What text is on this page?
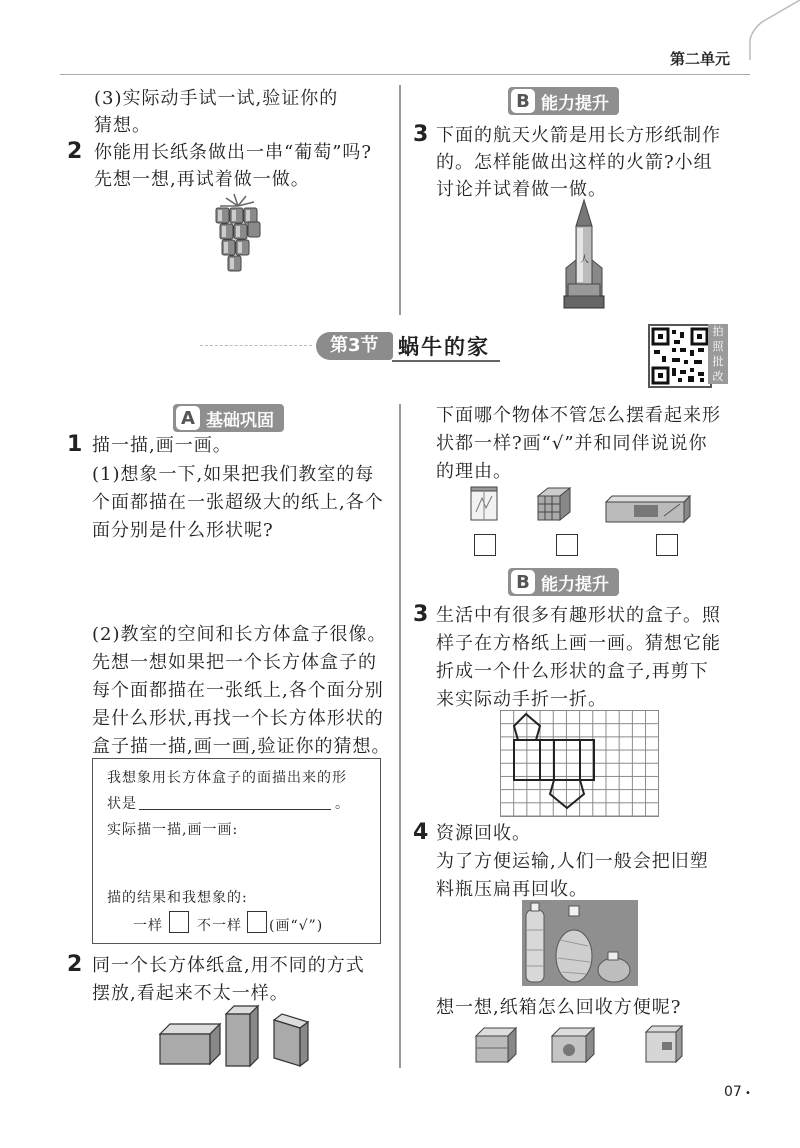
第二单元
(3)实际动手试一试,验证你的
猜想。
2 你能用长纸条做出一串“葡萄”吗?
先想一想,再试着做一做。
B 能力提升
3 下面的航天火箭是用长方形纸制作
的。怎样能做出这样的火箭?小组
讨论并试着做一做。
人
第3节 蜗牛的家
拍
照
批
改
A 基础巩固
1 描一描,画一画。
(1)想象一下,如果把我们教室的每
个面都描在一张超级大的纸上,各个
面分别是什么形状呢?
(2)教室的空间和长方体盒子很像。
先想一想如果把一个长方体盒子的
每个面都描在一张纸上,各个面分别
是什么形状,再找一个长方体形状的
盒子描一描,画一画,验证你的猜想。
我想象用长方体盒子的面描出来的形
状是	。
实际描一描,画一画:
描的结果和我想象的:
一样 不一样 (画“√”)
2 同一个长方体纸盒,用不同的方式
摆放,看起来不太一样。
下面哪个物体不管怎么摆看起来形
状都一样?画“√”并和同伴说说你
的理由。
B 能力提升
3 生活中有很多有趣形状的盒子。照
样子在方格纸上画一画。猜想它能
折成一个什么形状的盒子,再剪下
来实际动手折一折。
4 资源回收。
为了方便运输,人们一般会把旧塑
料瓶压扁再回收。
想一想,纸箱怎么回收方便呢?
07 •
